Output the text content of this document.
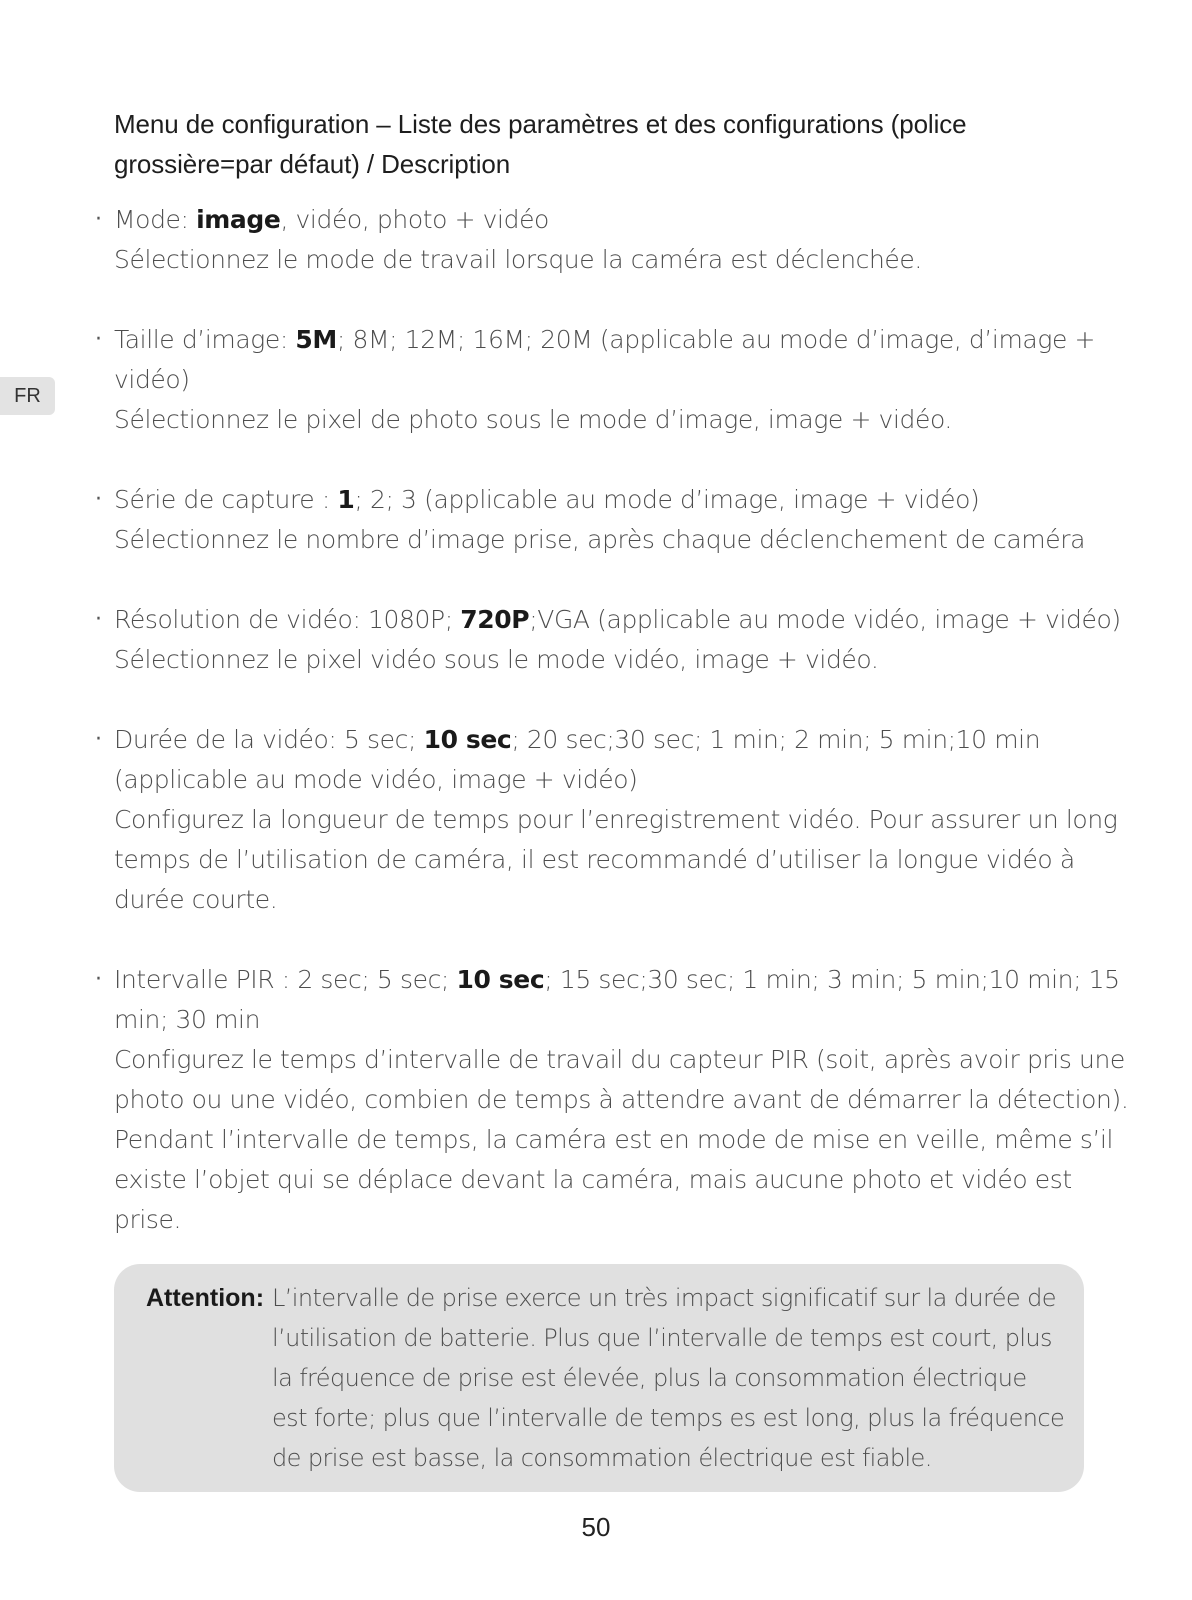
FR
Menu de configuration – Liste des paramètres et des configurations (police
grossière=par défaut) / Description
· Mode: image, vidéo, photo + vidéo
Sélectionnez le mode de travail lorsque la caméra est déclenchée.
· Taille d’image: 5M; 8M; 12M; 16M; 20M (applicable au mode d’image, d’image +
vidéo)
Sélectionnez le pixel de photo sous le mode d’image, image + vidéo.
· Série de capture : 1; 2; 3 (applicable au mode d’image, image + vidéo)
Sélectionnez le nombre d’image prise, après chaque déclenchement de caméra
· Résolution de vidéo: 1080P; 720P;VGA (applicable au mode vidéo, image + vidéo)
Sélectionnez le pixel vidéo sous le mode vidéo, image + vidéo.
· Durée de la vidéo: 5 sec; 10 sec; 20 sec;30 sec; 1 min; 2 min; 5 min;10 min
(applicable au mode vidéo, image + vidéo)
Configurez la longueur de temps pour l’enregistrement vidéo. Pour assurer un long
temps de l’utilisation de caméra, il est recommandé d’utiliser la longue vidéo à
durée courte.
· Intervalle PIR : 2 sec; 5 sec; 10 sec; 15 sec;30 sec; 1 min; 3 min; 5 min;10 min; 15
min; 30 min
Configurez le temps d’intervalle de travail du capteur PIR (soit, après avoir pris une
photo ou une vidéo, combien de temps à attendre avant de démarrer la détection).
Pendant l’intervalle de temps, la caméra est en mode de mise en veille, même s’il
existe l’objet qui se déplace devant la caméra, mais aucune photo et vidéo est
prise.
Attention: L’intervalle de prise exerce un très impact significatif sur la durée de
l’utilisation de batterie. Plus que l’intervalle de temps est court, plus
la fréquence de prise est élevée, plus la consommation électrique
est forte; plus que l’intervalle de temps es est long, plus la fréquence
de prise est basse, la consommation électrique est fiable.
50
